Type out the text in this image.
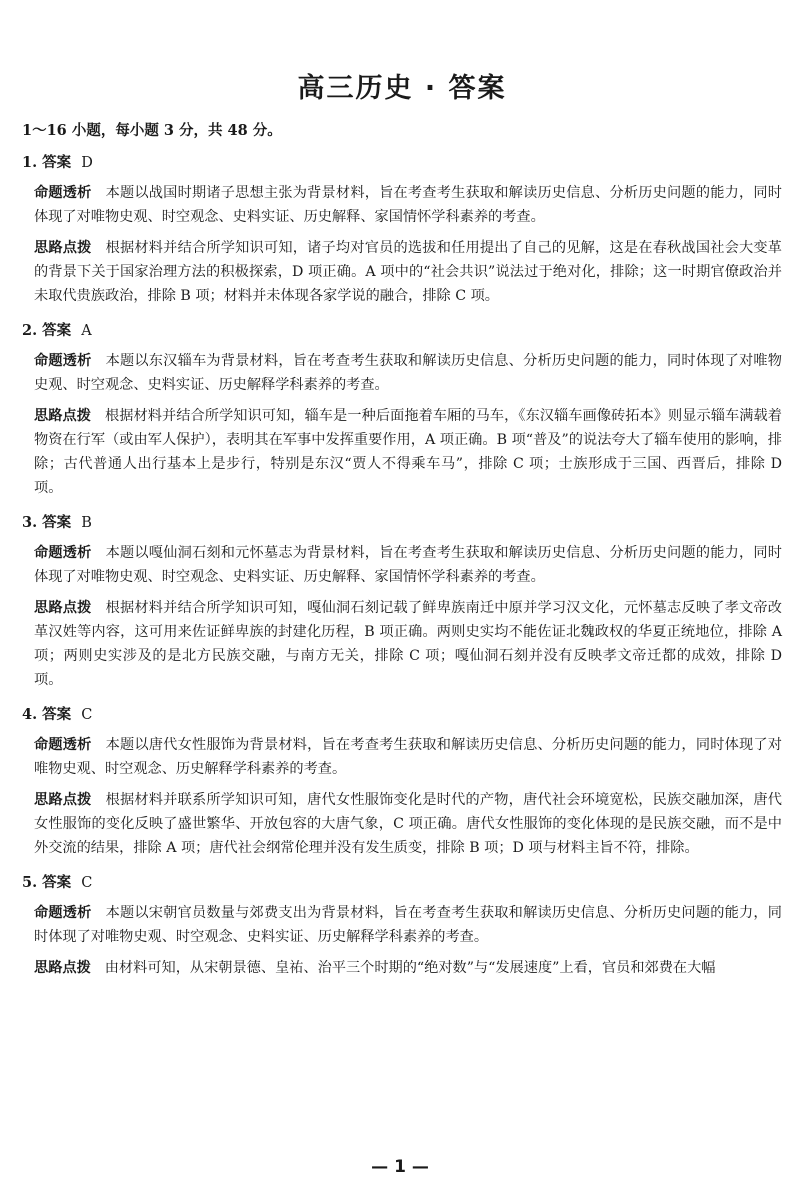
高三历史 · 答案

1～16 小题，每小题 3 分，共 48 分。

1. 答案 D

命题透析 本题以战国时期诸子思想主张为背景材料，旨在考查考生获取和解读历史信息、分析历史问题的能力，同时体现了对唯物史观、时空观念、史料实证、历史解释、家国情怀学科素养的考查。

思路点拨 根据材料并结合所学知识可知，诸子均对官员的选拔和任用提出了自己的见解，这是在春秋战国社会大变革的背景下关于国家治理方法的积极探索，D 项正确。A 项中的“社会共识”说法过于绝对化，排除；这一时期官僚政治并未取代贵族政治，排除 B 项；材料并未体现各家学说的融合，排除 C 项。

2. 答案 A

命题透析 本题以东汉辎车为背景材料，旨在考查考生获取和解读历史信息、分析历史问题的能力，同时体现了对唯物史观、时空观念、史料实证、历史解释学科素养的考查。

思路点拨 根据材料并结合所学知识可知，辎车是一种后面拖着车厢的马车，《东汉辎车画像砖拓本》则显示辎车满载着物资在行军（或由军人保护），表明其在军事中发挥重要作用，A 项正确。B 项“普及”的说法夸大了辎车使用的影响，排除；古代普通人出行基本上是步行，特别是东汉“贾人不得乘车马”，排除 C 项；士族形成于三国、西晋后，排除 D 项。

3. 答案 B

命题透析 本题以嘎仙洞石刻和元怀墓志为背景材料，旨在考查考生获取和解读历史信息、分析历史问题的能力，同时体现了对唯物史观、时空观念、史料实证、历史解释、家国情怀学科素养的考查。

思路点拨 根据材料并结合所学知识可知，嘎仙洞石刻记载了鲜卑族南迁中原并学习汉文化，元怀墓志反映了孝文帝改革汉姓等内容，这可用来佐证鲜卑族的封建化历程，B 项正确。两则史实均不能佐证北魏政权的华夏正统地位，排除 A 项；两则史实涉及的是北方民族交融，与南方无关，排除 C 项；嘎仙洞石刻并没有反映孝文帝迁都的成效，排除 D 项。

4. 答案 C

命题透析 本题以唐代女性服饰为背景材料，旨在考查考生获取和解读历史信息、分析历史问题的能力，同时体现了对唯物史观、时空观念、历史解释学科素养的考查。

思路点拨 根据材料并联系所学知识可知，唐代女性服饰变化是时代的产物，唐代社会环境宽松，民族交融加深，唐代女性服饰的变化反映了盛世繁华、开放包容的大唐气象，C 项正确。唐代女性服饰的变化体现的是民族交融，而不是中外交流的结果，排除 A 项；唐代社会纲常伦理并没有发生质变，排除 B 项；D 项与材料主旨不符，排除。

5. 答案 C

命题透析 本题以宋朝官员数量与郊费支出为背景材料，旨在考查考生获取和解读历史信息、分析历史问题的能力，同时体现了对唯物史观、时空观念、史料实证、历史解释学科素养的考查。

思路点拨 由材料可知，从宋朝景德、皇祐、治平三个时期的“绝对数”与“发展速度”上看，官员和郊费在大幅

— 1 —
